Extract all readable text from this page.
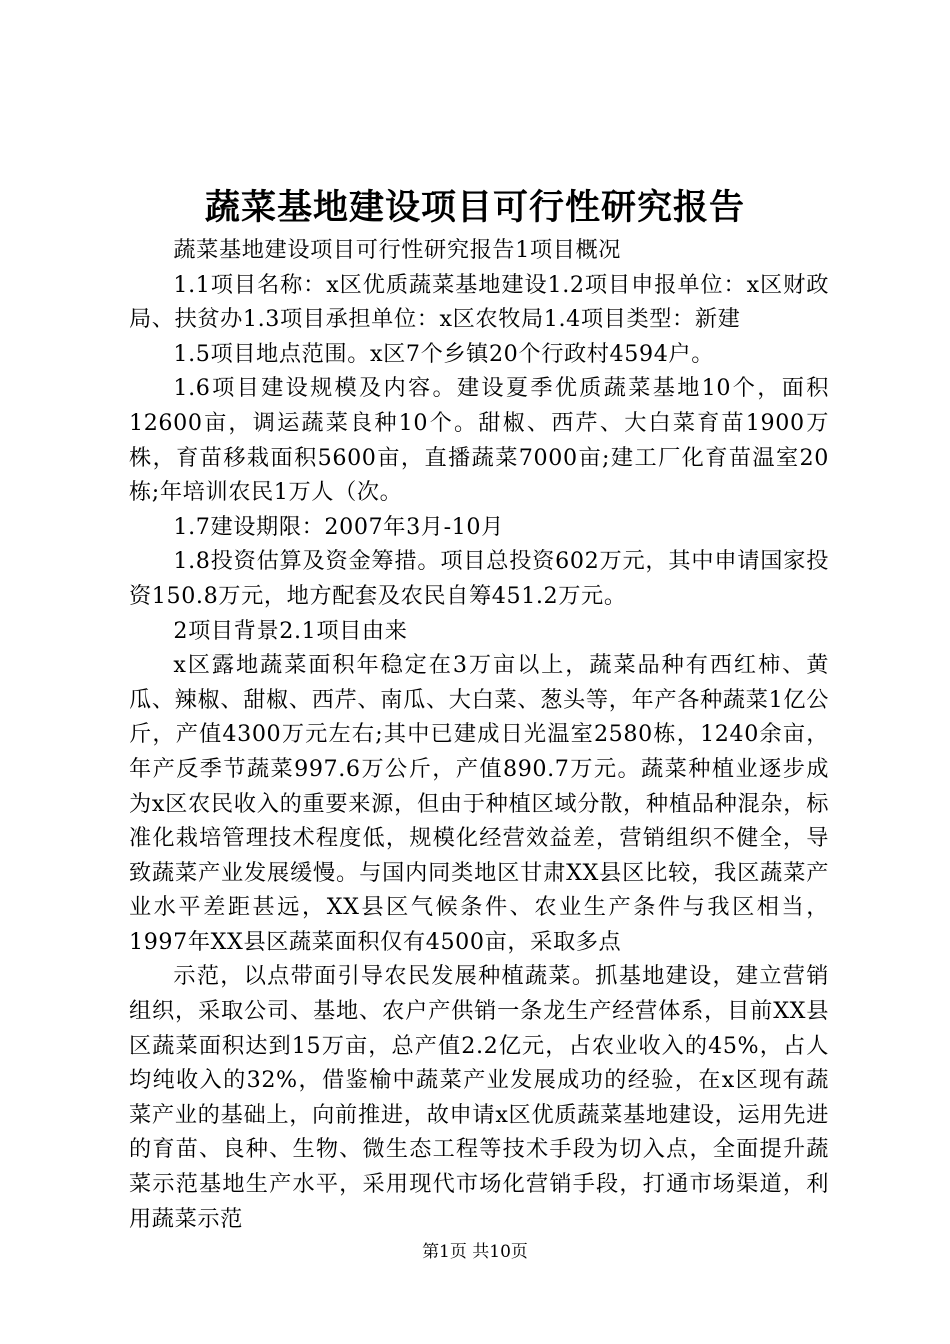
蔬菜基地建设项目可行性研究报告

蔬菜基地建设项目可行性研究报告1项目概况

1.1项目名称：x区优质蔬菜基地建设1.2项目申报单位：x区财政局、扶贫办1.3项目承担单位：x区农牧局1.4项目类型：新建

1.5项目地点范围。x区7个乡镇20个行政村4594户。

1.6项目建设规模及内容。建设夏季优质蔬菜基地10个，面积12600亩，调运蔬菜良种10个。甜椒、西芹、大白菜育苗1900万株，育苗移栽面积5600亩，直播蔬菜7000亩;建工厂化育苗温室20栋;年培训农民1万人（次。

1.7建设期限：2007年3月-10月

1.8投资估算及资金筹措。项目总投资602万元，其中申请国家投资150.8万元，地方配套及农民自筹451.2万元。

2项目背景2.1项目由来

x区露地蔬菜面积年稳定在3万亩以上，蔬菜品种有西红柿、黄瓜、辣椒、甜椒、西芹、南瓜、大白菜、葱头等，年产各种蔬菜1亿公斤，产值4300万元左右;其中已建成日光温室2580栋，1240余亩，年产反季节蔬菜997.6万公斤，产值890.7万元。蔬菜种植业逐步成为x区农民收入的重要来源，但由于种植区域分散，种植品种混杂，标准化栽培管理技术程度低，规模化经营效益差，营销组织不健全，导致蔬菜产业发展缓慢。与国内同类地区甘肃XX县区比较，我区蔬菜产业水平差距甚远，XX县区气候条件、农业生产条件与我区相当，1997年XX县区蔬菜面积仅有4500亩，采取多点

示范，以点带面引导农民发展种植蔬菜。抓基地建设，建立营销组织，采取公司、基地、农户产供销一条龙生产经营体系，目前XX县区蔬菜面积达到15万亩，总产值2.2亿元，占农业收入的45%，占人均纯收入的32%，借鉴榆中蔬菜产业发展成功的经验，在x区现有蔬菜产业的基础上，向前推进，故申请x区优质蔬菜基地建设，运用先进的育苗、良种、生物、微生态工程等技术手段为切入点，全面提升蔬菜示范基地生产水平，采用现代市场化营销手段，打通市场渠道，利用蔬菜示范

第1页 共10页
